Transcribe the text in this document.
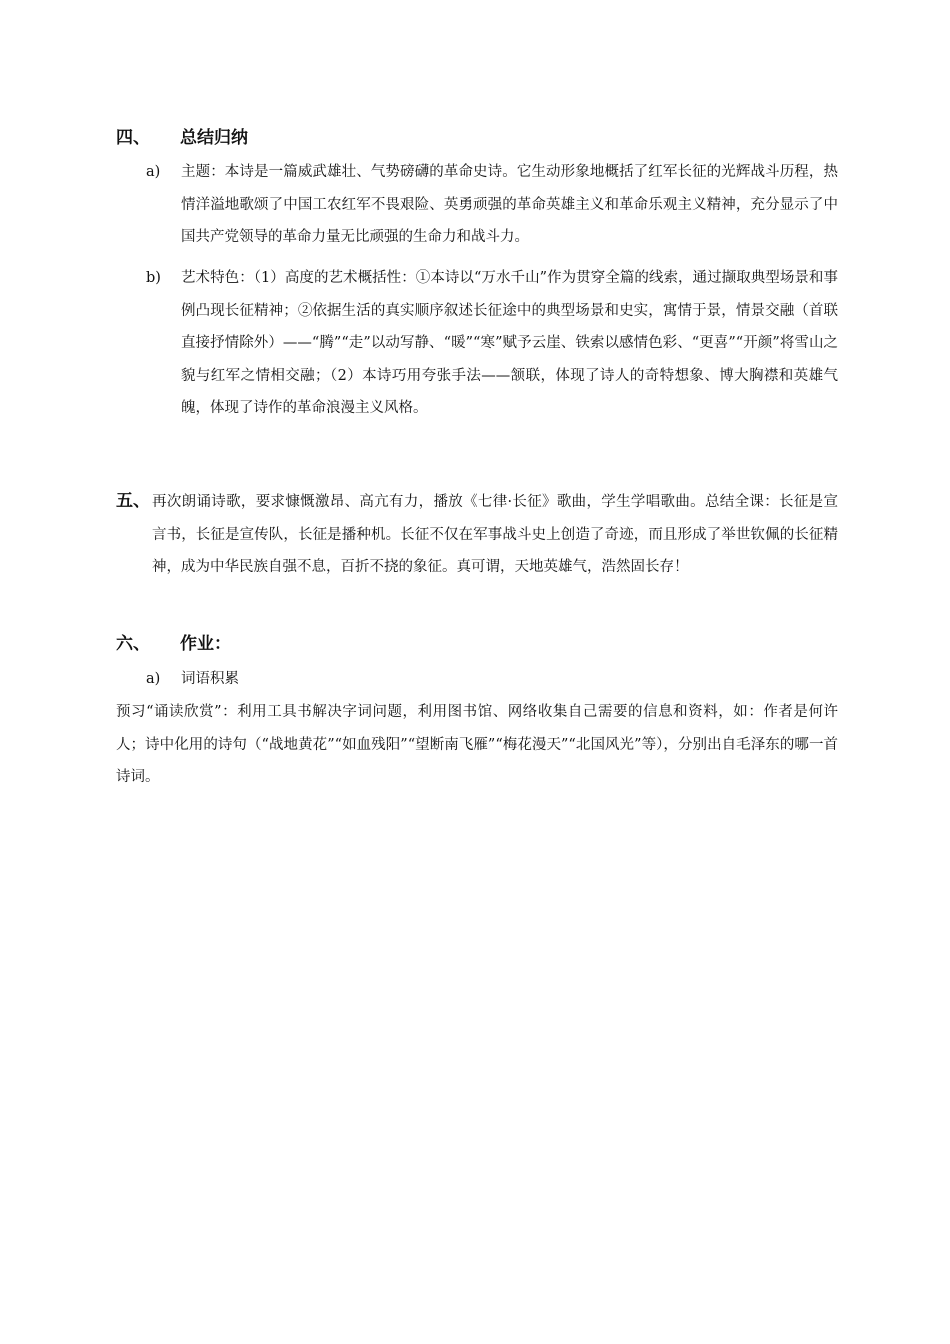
四、 总结归纳
a) 主题：本诗是一篇威武雄壮、气势磅礴的革命史诗。它生动形象地概括了红军长征的光辉战斗历程，热情洋溢地歌颂了中国工农红军不畏艰险、英勇顽强的革命英雄主义和革命乐观主义精神，充分显示了中国共产党领导的革命力量无比顽强的生命力和战斗力。
b) 艺术特色：（1）高度的艺术概括性：①本诗以“万水千山”作为贯穿全篇的线索，通过撷取典型场景和事例凸现长征精神；②依据生活的真实顺序叙述长征途中的典型场景和史实，寓情于景，情景交融（首联直接抒情除外）——“腾”“走”以动写静、“暖”“寒”赋予云崖、铁索以感情色彩、“更喜”“开颜”将雪山之貌与红军之情相交融；（2）本诗巧用夸张手法——颔联，体现了诗人的奇特想象、博大胸襟和英雄气魄，体现了诗作的革命浪漫主义风格。
五、 再次朗诵诗歌，要求慷慨激昂、高亢有力，播放《七律·长征》歌曲，学生学唱歌曲。总结全课：长征是宣言书，长征是宣传队，长征是播种机。长征不仅在军事战斗史上创造了奇迹，而且形成了举世钦佩的长征精神，成为中华民族自强不息，百折不挠的象征。真可谓，天地英雄气，浩然固长存！
六、 作业：
a) 词语积累
预习“诵读欣赏”：利用工具书解决字词问题，利用图书馆、网络收集自己需要的信息和资料，如：作者是何许人；诗中化用的诗句（“战地黄花”“如血残阳”“望断南飞雁”“梅花漫天”“北国风光”等），分别出自毛泽东的哪一首诗词。
